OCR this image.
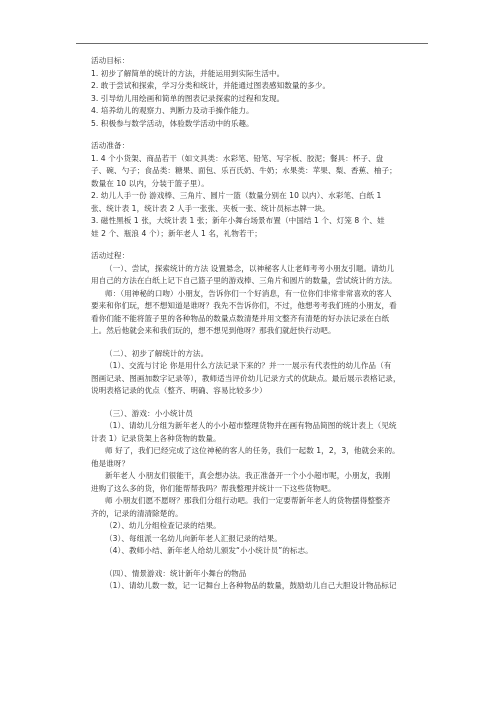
活动目标：
1. 初步了解简单的统计的方法，并能运用到实际生活中。
2. 敢于尝试和探索，学习分类和统计，并能通过图表感知数量的多少。
3. 引导幼儿用绘画和简单的图表记录探索的过程和发现。
4. 培养幼儿的观察力、判断力及动手操作能力。
5. 积极参与数学活动，体验数学活动中的乐趣。
活动准备：
1. 4 个小货架、商品若干（如文具类：水彩笔、铅笔、写字板、胶泥；餐具：杯子、盘
子、碗、勺子；食品类：糖果、面包、乐百氏奶、牛奶；水果类：苹果、梨、香蕉、柚子；
数量在 10 以内，分装于篮子里）。
2. 幼儿人手一份 游戏棒、三角片、圆片一篮（数量分别在 10 以内）、水彩笔、白纸 1
张、统计表 1，统计表 2 人手一张张、夹板一张、统计员标志牌一块。
3. 磁性黑板 1 张，大统计表 1 张；新年小舞台场景布置（中国结 1 个、灯笼 8 个、娃
娃 2 个、瓶浪 4 个）；新年老人 1 名，礼物若干；
活动过程：
（一）、尝试，探索统计的方法 设置悬念，以神秘客人让老师考考小朋友引题。请幼儿
用自己的方法在白纸上记下自己篮子里的游戏棒、三角片和圆片的数量，尝试统计的方法。
师：（用神秘的口吻）小朋友，告诉你们一个好消息，有一位你们非常非常喜欢的客人
要来和你们玩，想不想知道是谁呀？我先不告诉你们，不过，他想考考我们班的小朋友，看
看你们能不能将篮子里的各种物品的数量点数清楚并用文整齐有清楚的好办法记录在白纸
上。然后他就会来和我们玩的，想不想见到他呀？那我们就赶快行动吧。
（二）、初步了解统计的方法。
（1）、交流与讨论 你是用什么方法记录下来的？并一一展示有代表性的幼儿作品（有
图画记录、图画加数字记录等），教师适当评价幼儿记录方式的优缺点。最后展示表格记录，
说明表格记录的优点（整齐、明确、容易比较多少）
（三）、游戏：小小统计员
（1）、请幼儿分组为新年老人的小小超市整理货物并在画有物品简图的统计表上（见统
计表 1）记录货架上各种货物的数量。
师 好了，我们已经完成了这位神秘的客人的任务，我们一起数 1，2，3，他就会来的。
他是谁呀？
新年老人 小朋友们很能干，真会想办法。我正准备开一个小小超市呢，小朋友，我刚
进购了这么多的货，你们能帮帮我吗？帮我整理并统计一下这些货物吧。
师 小朋友们愿不愿呀？那我们分组行动吧。我们一定要帮新年老人的货物摆得整整齐
齐的，记录的清清除楚的。
（2）、幼儿分组检查记录的结果。
（3）、每组派一名幼儿向新年老人汇报记录的结果。
（4）、教师小结、新年老人给幼儿颁发“小小统计员”的标志。
（四）、情景游戏：统计新年小舞台的物品
（1）、请幼儿数一数，记一记舞台上各种物品的数量，鼓励幼儿自己大胆设计物品标记
